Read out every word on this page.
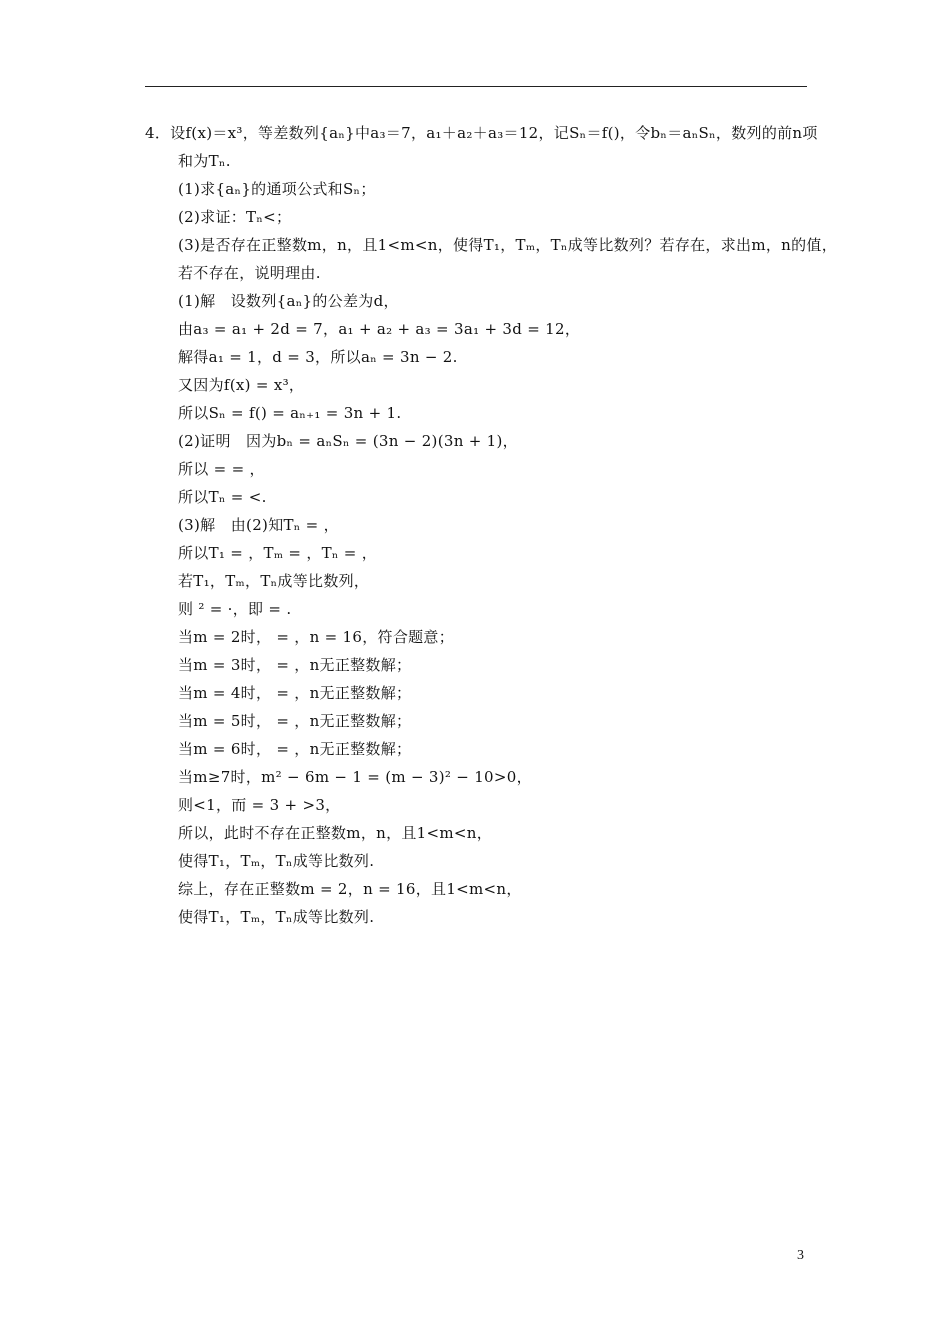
4．设f(x)＝x³，等差数列{aₙ}中a₃＝7，a₁＋a₂＋a₃＝12，记Sₙ＝f()，令bₙ＝aₙSₙ，数列的前n项
和为Tₙ.
(1)求{aₙ}的通项公式和Sₙ；
(2)求证：Tₙ<；
(3)是否存在正整数m，n，且1<m<n，使得T₁，Tₘ，Tₙ成等比数列？若存在，求出m，n的值，
若不存在，说明理由.
(1)解　设数列{aₙ}的公差为d，
由a₃ = a₁ + 2d = 7，a₁ + a₂ + a₃ = 3a₁ + 3d = 12，
解得a₁ = 1，d = 3，所以aₙ = 3n − 2.
又因为f(x) = x³，
所以Sₙ = f() = aₙ₊₁ = 3n + 1.
(2)证明　因为bₙ = aₙSₙ = (3n − 2)(3n + 1)，
所以 = = ，
所以Tₙ = <.
(3)解　由(2)知Tₙ = ，
所以T₁ = ，Tₘ = ，Tₙ = ，
若T₁，Tₘ，Tₙ成等比数列，
则 ² = ·，即 = .
当m = 2时， = ，n = 16，符合题意；
当m = 3时， = ，n无正整数解；
当m = 4时， = ，n无正整数解；
当m = 5时， = ，n无正整数解；
当m = 6时， = ，n无正整数解；
当m≥7时，m² − 6m − 1 = (m − 3)² − 10>0，
则<1，而 = 3 + >3，
所以，此时不存在正整数m，n，且1<m<n，
使得T₁，Tₘ，Tₙ成等比数列.
综上，存在正整数m = 2，n = 16，且1<m<n，
使得T₁，Tₘ，Tₙ成等比数列.
3
